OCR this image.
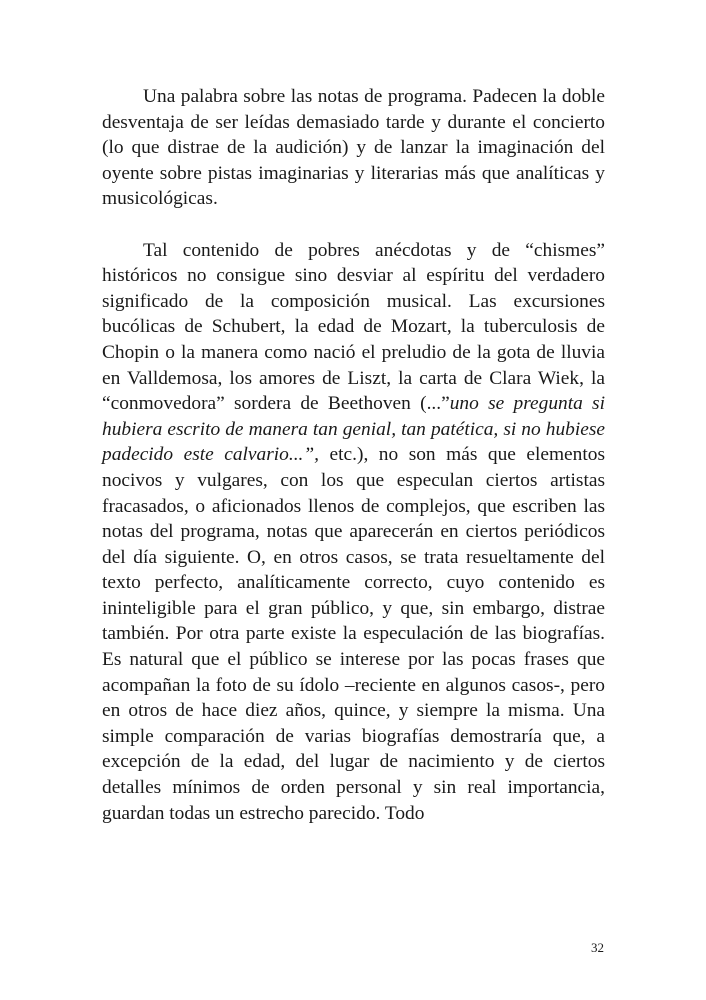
Una palabra sobre las notas de programa. Padecen la doble desventaja de ser leídas demasiado tarde y durante el concierto (lo que distrae de la audición) y de lanzar la imaginación del oyente sobre pistas imaginarias y literarias más que analíticas y musicológicas.

Tal contenido de pobres anécdotas y de “chismes” históricos no consigue sino desviar al espíritu del verdadero significado de la composición musical. Las excursiones bucólicas de Schubert, la edad de Mozart, la tuberculosis de Chopin o la manera como nació el preludio de la gota de lluvia en Valldemosa, los amores de Liszt, la carta de Clara Wiek, la “conmovedora” sordera de Beethoven (...”uno se pregunta si hubiera escrito de manera tan genial, tan patética, si no hubiese padecido este calvario...”, etc.), no son más que elementos nocivos y vulgares, con los que especulan ciertos artistas fracasados, o aficionados llenos de complejos, que escriben las notas del programa, notas que aparecerán en ciertos periódicos del día siguiente. O, en otros casos, se trata resueltamente del texto perfecto, analíticamente correcto, cuyo contenido es ininteligible para el gran público, y que, sin embargo, distrae también. Por otra parte existe la especulación de las biografías. Es natural que el público se interese por las pocas frases que acompañan la foto de su ídolo –reciente en algunos casos-, pero en otros de hace diez años, quince, y siempre la misma. Una simple comparación de varias biografías demostraría que, a excepción de la edad, del lugar de nacimiento y de ciertos detalles mínimos de orden personal y sin real importancia, guardan todas un estrecho parecido. Todo

32
